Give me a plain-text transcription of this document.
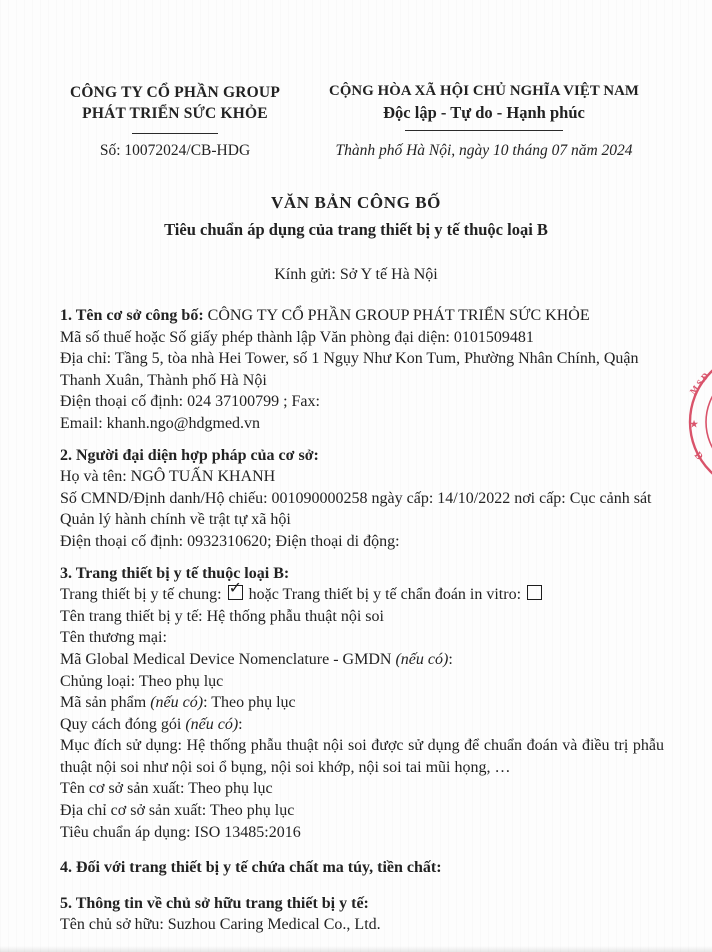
CÔNG TY CỔ PHẦN GROUP
PHÁT TRIỂN SỨC KHỎE
Số: 10072024/CB-HDG
CỘNG HÒA XÃ HỘI CHỦ NGHĨA VIỆT NAM
Độc lập - Tự do - Hạnh phúc
Thành phố Hà Nội, ngày 10 tháng 07 năm 2024
VĂN BẢN CÔNG BỐ
Tiêu chuẩn áp dụng của trang thiết bị y tế thuộc loại B
Kính gửi: Sở Y tế Hà Nội

1. Tên cơ sở công bố: CÔNG TY CỔ PHẦN GROUP PHÁT TRIỂN SỨC KHỎE

Mã số thuế hoặc Số giấy phép thành lập Văn phòng đại diện: 0101509481

Địa chỉ: Tầng 5, tòa nhà Hei Tower, số 1 Ngụy Như Kon Tum, Phường Nhân Chính, Quận Thanh Xuân, Thành phố Hà Nội

Điện thoại cố định: 024 37100799 ; Fax:

Email: khanh.ngo@hdgmed.vn

2. Người đại diện hợp pháp của cơ sở:

Họ và tên: NGÔ TUẤN KHANH

Số CMND/Định danh/Hộ chiếu: 001090000258 ngày cấp: 14/10/2022 nơi cấp: Cục cảnh sát Quản lý hành chính về trật tự xã hội

Điện thoại cố định: 0932310620; Điện thoại di động:

3. Trang thiết bị y tế thuộc loại B:

Trang thiết bị y tế chung: ✓ hoặc Trang thiết bị y tế chẩn đoán in vitro:

Tên trang thiết bị y tế: Hệ thống phẫu thuật nội soi

Tên thương mại:

Mã Global Medical Device Nomenclature - GMDN (nếu có):

Chủng loại: Theo phụ lục

Mã sản phẩm (nếu có): Theo phụ lục

Quy cách đóng gói (nếu có):

Mục đích sử dụng: Hệ thống phẫu thuật nội soi được sử dụng để chuẩn đoán và điều trị phẫu thuật nội soi như nội soi ổ bụng, nội soi khớp, nội soi tai mũi họng, …

Tên cơ sở sản xuất: Theo phụ lục

Địa chỉ cơ sở sản xuất: Theo phụ lục

Tiêu chuẩn áp dụng: ISO 13485:2016

4. Đối với trang thiết bị y tế chứa chất ma túy, tiền chất:

5. Thông tin về chủ sở hữu trang thiết bị y tế:

Tên chủ sở hữu: Suzhou Caring Medical Co., Ltd.

M.S.Đ
★
Đ
